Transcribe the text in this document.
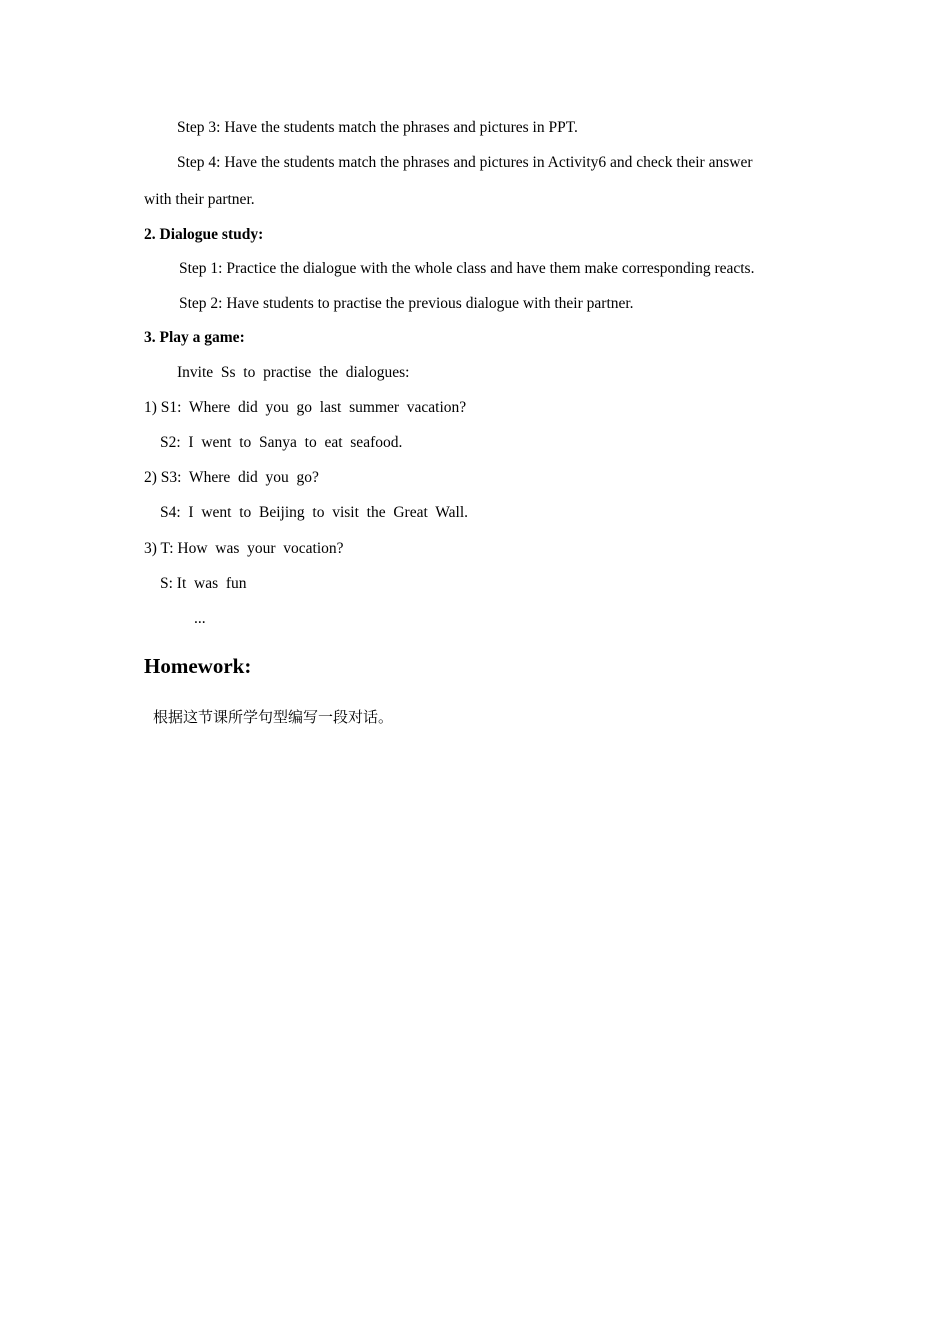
Step 3: Have the students match the phrases and pictures in PPT.
Step 4: Have the students match the phrases and pictures in Activity6 and check their answer
with their partner.
2. Dialogue study:
Step 1: Practice the dialogue with the whole class and have them make corresponding reacts.
Step 2: Have students to practise the previous dialogue with their partner.
3. Play a game:
Invite  Ss  to  practise  the  dialogues:
1) S1:  Where  did  you  go  last  summer  vacation?
S2:  I  went  to  Sanya  to  eat  seafood.
2) S3:  Where  did  you  go?
S4:  I  went  to  Beijing  to  visit  the  Great  Wall.
3) T: How  was  your  vocation?
S: It  was  fun
...
Homework:
根据这节课所学句型编写一段对话。
